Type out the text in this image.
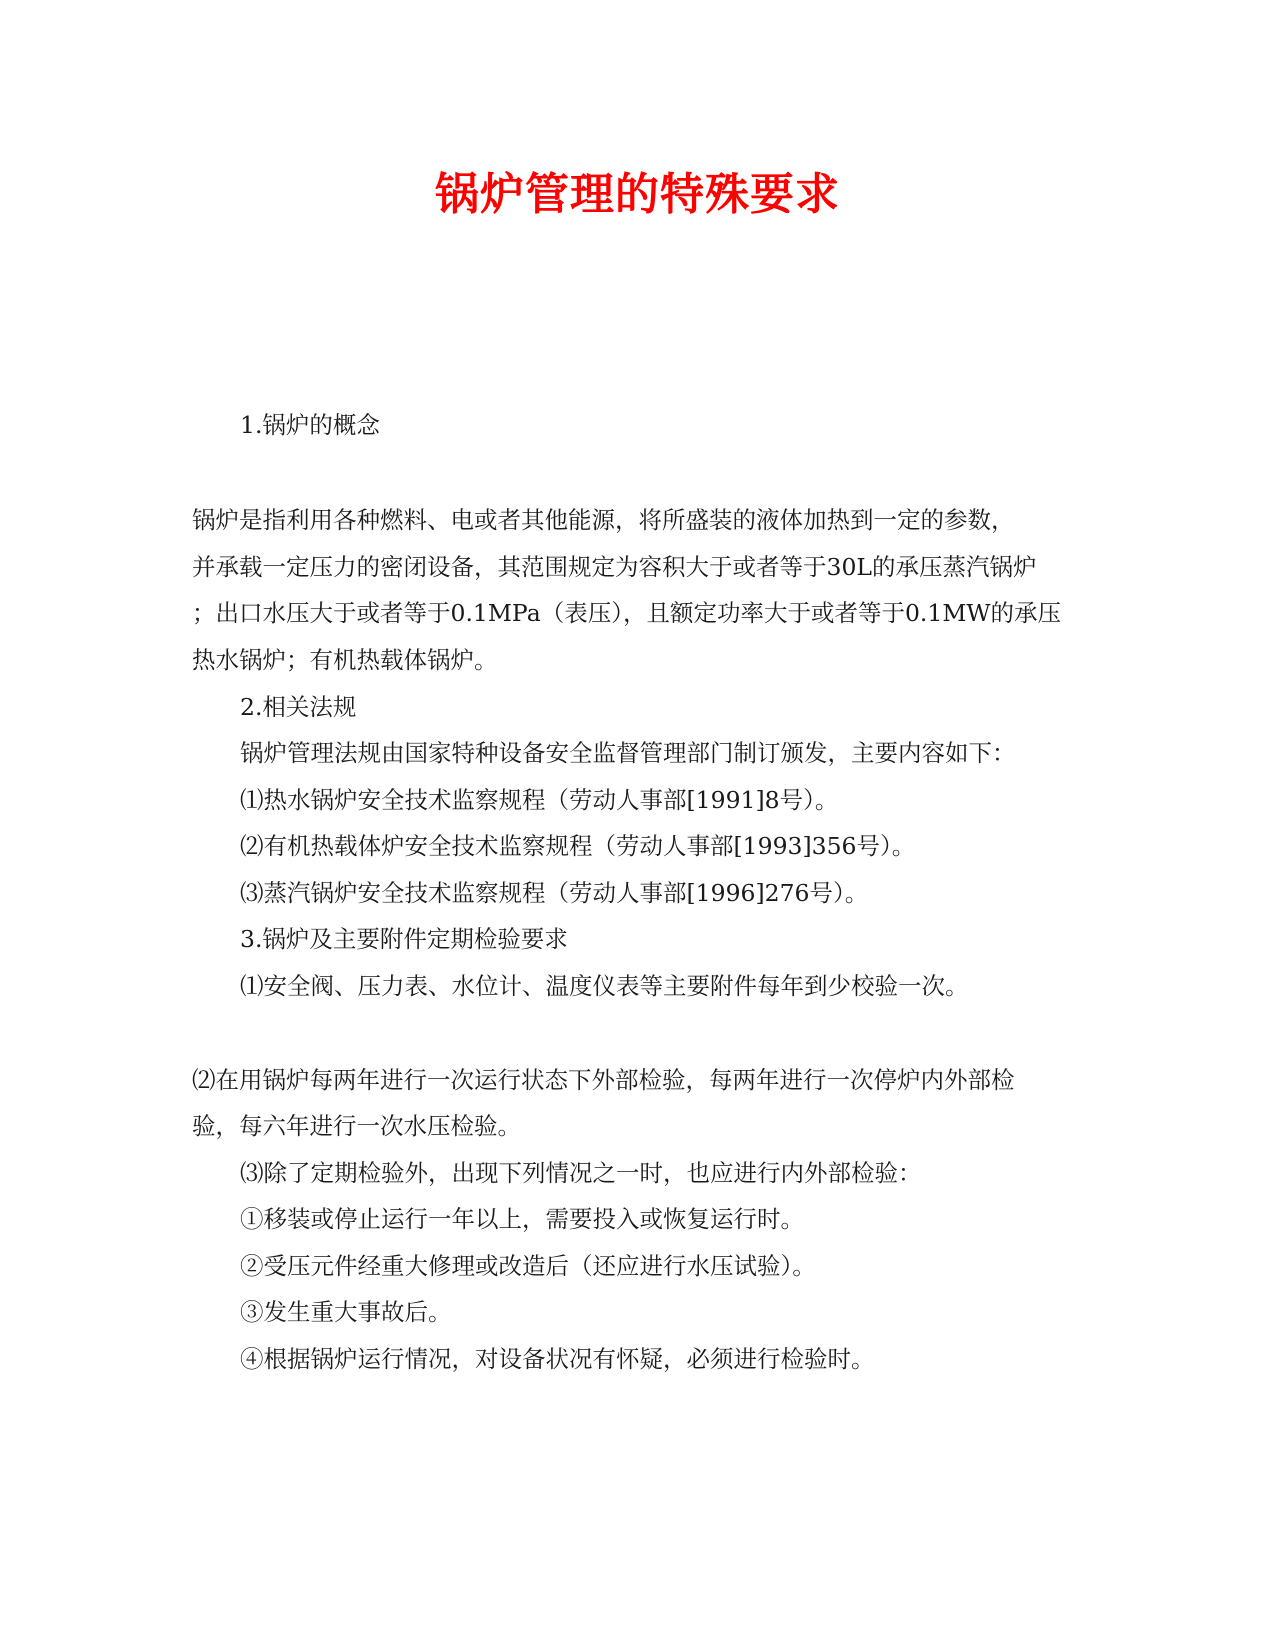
锅炉管理的特殊要求

1.锅炉的概念

锅炉是指利用各种燃料、电或者其他能源，将所盛装的液体加热到一定的参数，

并承载一定压力的密闭设备，其范围规定为容积大于或者等于30L的承压蒸汽锅炉

；出口水压大于或者等于0.1MPa（表压），且额定功率大于或者等于0.1MW的承压

热水锅炉；有机热载体锅炉。

2.相关法规

锅炉管理法规由国家特种设备安全监督管理部门制订颁发，主要内容如下：

⑴热水锅炉安全技术监察规程（劳动人事部[1991]8号）。

⑵有机热载体炉安全技术监察规程（劳动人事部[1993]356号）。

⑶蒸汽锅炉安全技术监察规程（劳动人事部[1996]276号）。

3.锅炉及主要附件定期检验要求

⑴安全阀、压力表、水位计、温度仪表等主要附件每年到少校验一次。

⑵在用锅炉每两年进行一次运行状态下外部检验，每两年进行一次停炉内外部检

验，每六年进行一次水压检验。

⑶除了定期检验外，出现下列情况之一时，也应进行内外部检验：

①移装或停止运行一年以上，需要投入或恢复运行时。

②受压元件经重大修理或改造后（还应进行水压试验）。

③发生重大事故后。

④根据锅炉运行情况，对设备状况有怀疑，必须进行检验时。
